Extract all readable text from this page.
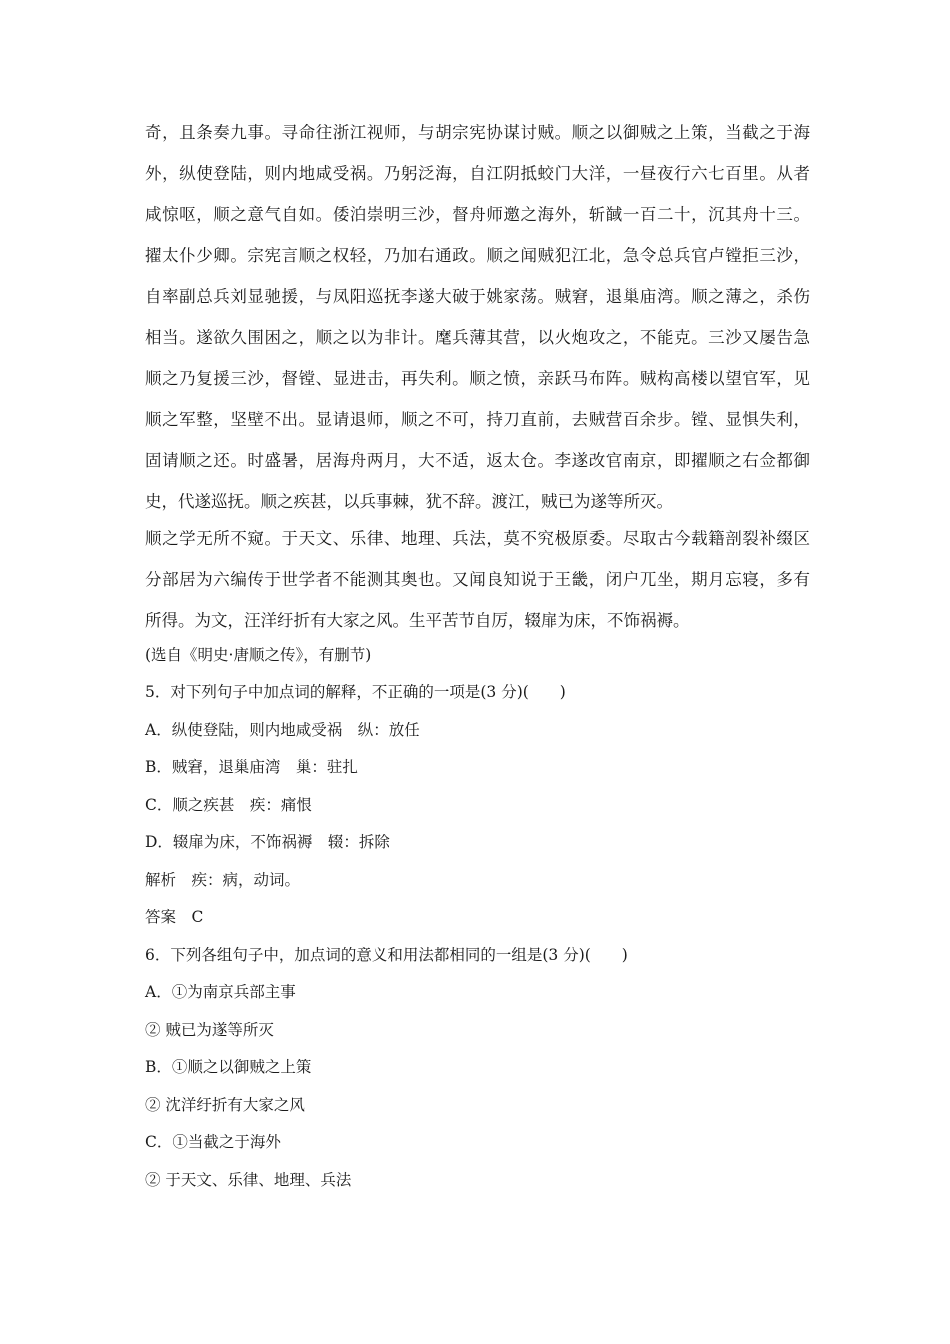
奇，且条奏九事。寻命往浙江视师，与胡宗宪协谋讨贼。顺之以御贼之上策，当截之于海
外，纵使登陆，则内地咸受祸。乃躬泛海，自江阴抵蛟门大洋，一昼夜行六七百里。从者
咸惊呕，顺之意气自如。倭泊崇明三沙，督舟师邀之海外，斩馘一百二十，沉其舟十三。
擢太仆少卿。宗宪言顺之权轻，乃加右通政。顺之闻贼犯江北，急令总兵官卢镗拒三沙，
自率副总兵刘显驰援，与凤阳巡抚李遂大破于姚家荡。贼窘，退巢庙湾。顺之薄之，杀伤
相当。遂欲久围困之，顺之以为非计。麾兵薄其营，以火炮攻之，不能克。三沙又屡告急
顺之乃复援三沙，督镗、显进击，再失利。顺之愤，亲跃马布阵。贼构高楼以望官军，见
顺之军整，坚壁不出。显请退师，顺之不可，持刀直前，去贼营百余步。镗、显惧失利，
固请顺之还。时盛暑，居海舟两月，大不适，返太仓。李遂改官南京，即擢顺之右佥都御
史，代遂巡抚。顺之疾甚，以兵事棘，犹不辞。渡江，贼已为遂等所灭。
顺之学无所不窥。于天文、乐律、地理、兵法，莫不究极原委。尽取古今载籍剖裂补缀区
分部居为六编传于世学者不能测其奥也。又闻良知说于王畿，闭户兀坐，期月忘寝，多有
所得。为文，汪洋纡折有大家之风。生平苦节自厉，辍扉为床，不饰祸褥。
(选自《明史·唐顺之传》，有删节)
5．对下列句子中加点词的解释，不正确的一项是(3 分)(　　)
A．纵使登陆，则内地咸受祸　纵：放任
B．贼窘，退巢庙湾　巢：驻扎
C．顺之疾甚　疾：痛恨
D．辍扉为床，不饰祸褥　辍：拆除
解析　疾：病，动词。
答案　C
6．下列各组句子中，加点词的意义和用法都相同的一组是(3 分)(　　)
A．①为南京兵部主事
② 贼已为遂等所灭
B．①顺之以御贼之上策
② 沈洋纡折有大家之风
C．①当截之于海外
② 于天文、乐律、地理、兵法
